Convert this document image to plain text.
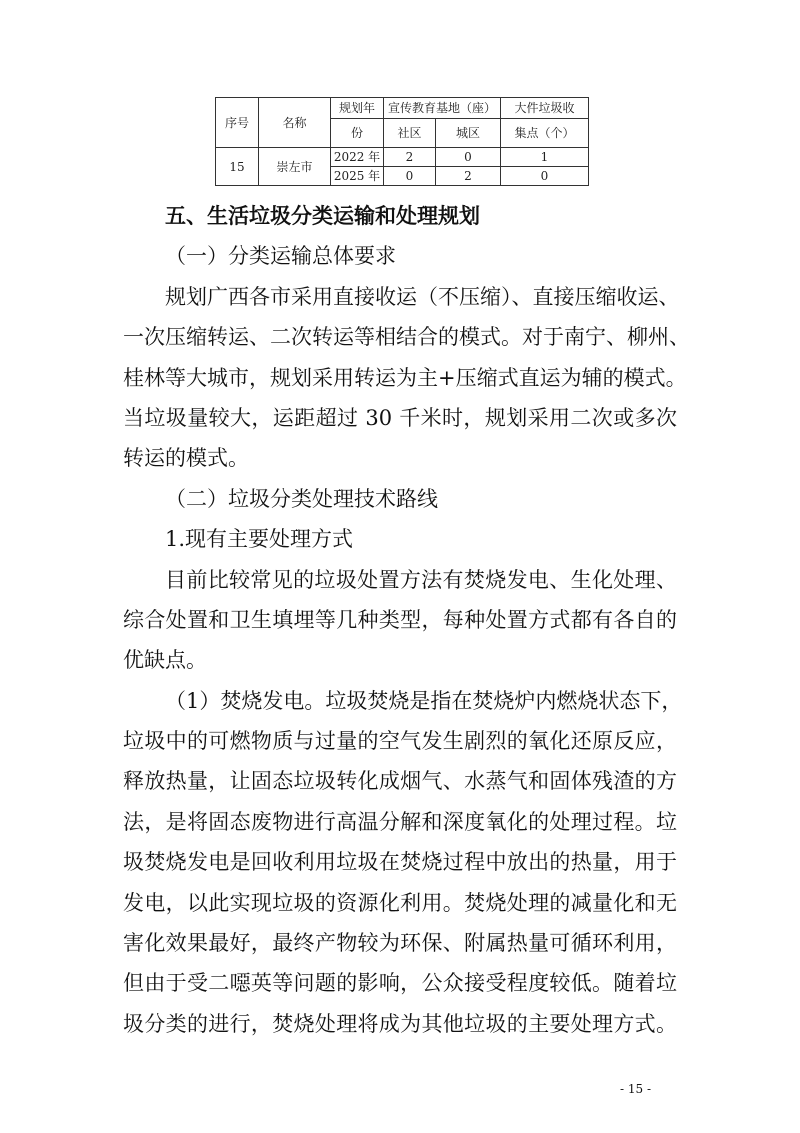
序号	名称	规划年	宣传教育基地（座）		大件垃圾收
		份	社区	城区	集点（个）
15	崇左市	2022 年	2	0	1
		2025 年	0	2	0
五、生活垃圾分类运输和处理规划
（一）分类运输总体要求
规划广西各市采用直接收运（不压缩）、直接压缩收运、
一次压缩转运、二次转运等相结合的模式。对于南宁、柳州、
桂林等大城市，规划采用转运为主+压缩式直运为辅的模式。
当垃圾量较大，运距超过 30 千米时，规划采用二次或多次
转运的模式。
（二）垃圾分类处理技术路线
1.现有主要处理方式
目前比较常见的垃圾处置方法有焚烧发电、生化处理、
综合处置和卫生填埋等几种类型，每种处置方式都有各自的
优缺点。
（1）焚烧发电。垃圾焚烧是指在焚烧炉内燃烧状态下，
垃圾中的可燃物质与过量的空气发生剧烈的氧化还原反应，
释放热量，让固态垃圾转化成烟气、水蒸气和固体残渣的方
法，是将固态废物进行高温分解和深度氧化的处理过程。垃
圾焚烧发电是回收利用垃圾在焚烧过程中放出的热量，用于
发电，以此实现垃圾的资源化利用。焚烧处理的减量化和无
害化效果最好，最终产物较为环保、附属热量可循环利用，
但由于受二噁英等问题的影响，公众接受程度较低。随着垃
圾分类的进行，焚烧处理将成为其他垃圾的主要处理方式。
- 15 -
